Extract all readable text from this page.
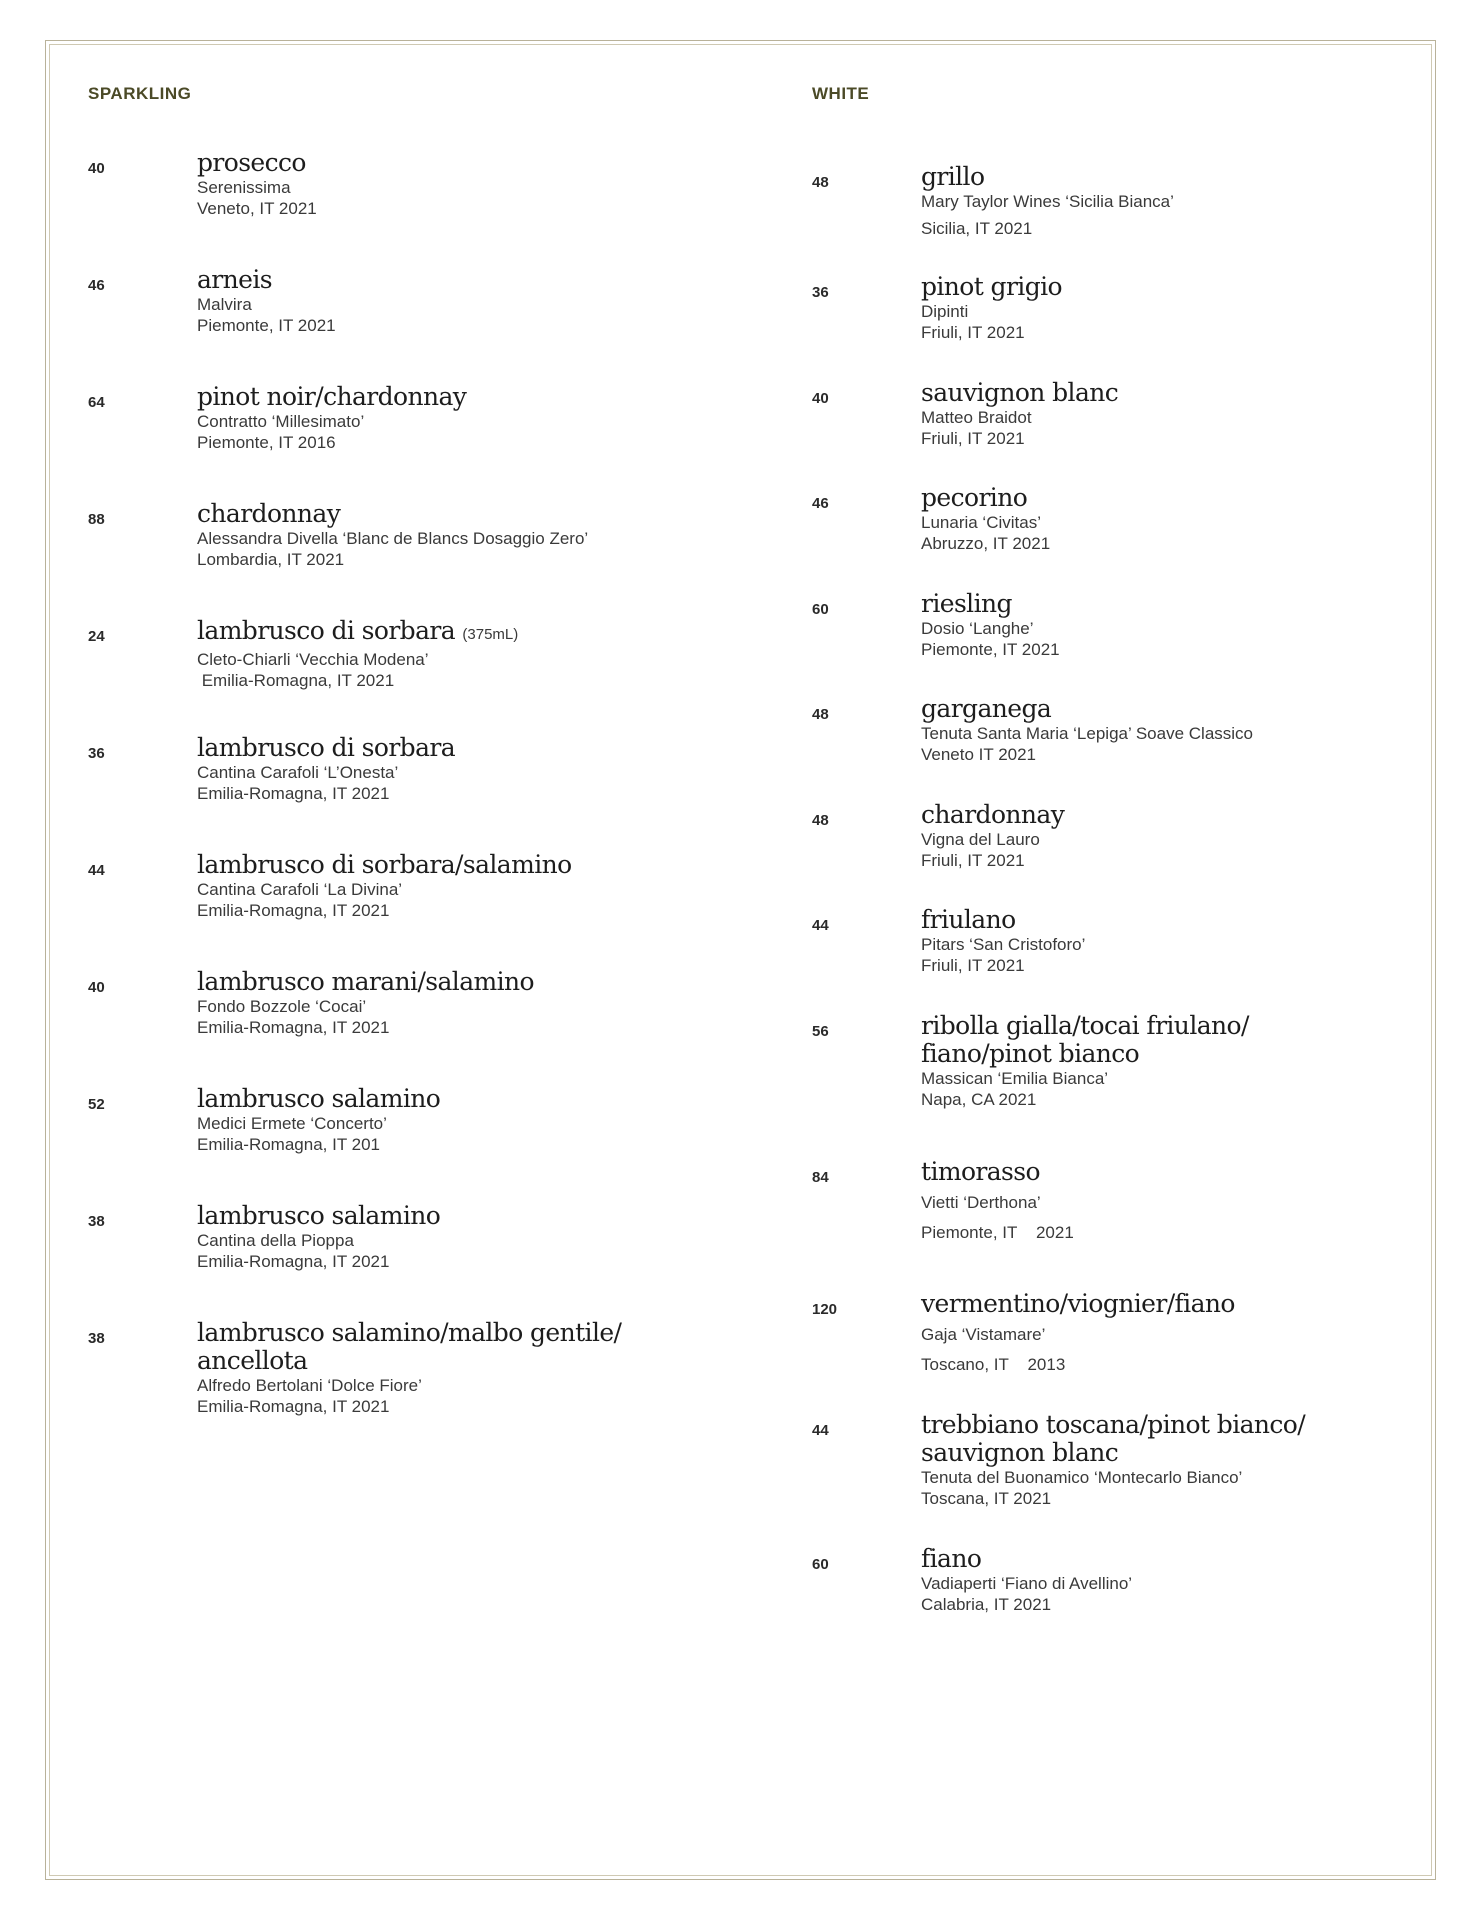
SPARKLING
40	prosecco
Serenissima
Veneto, IT 2021
46	arneis
Malvira
Piemonte, IT 2021
64	pinot noir/chardonnay
Contratto ‘Millesimato’
Piemonte, IT 2016
88	chardonnay
Alessandra Divella ‘Blanc de Blancs Dosaggio Zero’
Lombardia, IT 2021
24	lambrusco di sorbara (375mL)
Cleto-Chiarli ‘Vecchia Modena’
Emilia-Romagna, IT 2021
36	lambrusco di sorbara
Cantina Carafoli ‘L’Onesta’
Emilia-Romagna, IT 2021
44	lambrusco di sorbara/salamino
Cantina Carafoli ‘La Divina’
Emilia-Romagna, IT 2021
40	lambrusco marani/salamino
Fondo Bozzole ‘Cocai’
Emilia-Romagna, IT 2021
52	lambrusco salamino
Medici Ermete ‘Concerto’
Emilia-Romagna, IT 201
38	lambrusco salamino
Cantina della Pioppa
Emilia-Romagna, IT 2021
38	lambrusco salamino/malbo gentile/
ancellota
Alfredo Bertolani ‘Dolce Fiore’
Emilia-Romagna, IT 2021
WHITE
48	grillo
Mary Taylor Wines ‘Sicilia Bianca’
Sicilia, IT 2021
36	pinot grigio
Dipinti
Friuli, IT 2021
40	sauvignon blanc
Matteo Braidot
Friuli, IT 2021
46	pecorino
Lunaria ‘Civitas’
Abruzzo, IT 2021
60	riesling
Dosio ‘Langhe’
Piemonte, IT 2021
48	garganega
Tenuta Santa Maria ‘Lepiga’ Soave Classico
Veneto IT 2021
48	chardonnay
Vigna del Lauro
Friuli, IT 2021
44	friulano
Pitars ‘San Cristoforo’
Friuli, IT 2021
56	ribolla gialla/tocai friulano/
fiano/pinot bianco
Massican ‘Emilia Bianca’
Napa, CA 2021
84	timorasso
Vietti ‘Derthona’
Piemonte, IT    2021
120	vermentino/viognier/fiano
Gaja ‘Vistamare’
Toscano, IT    2013
44	trebbiano toscana/pinot bianco/
sauvignon blanc
Tenuta del Buonamico ‘Montecarlo Bianco’
Toscana, IT 2021
60	fiano
Vadiaperti ‘Fiano di Avellino’
Calabria, IT 2021
